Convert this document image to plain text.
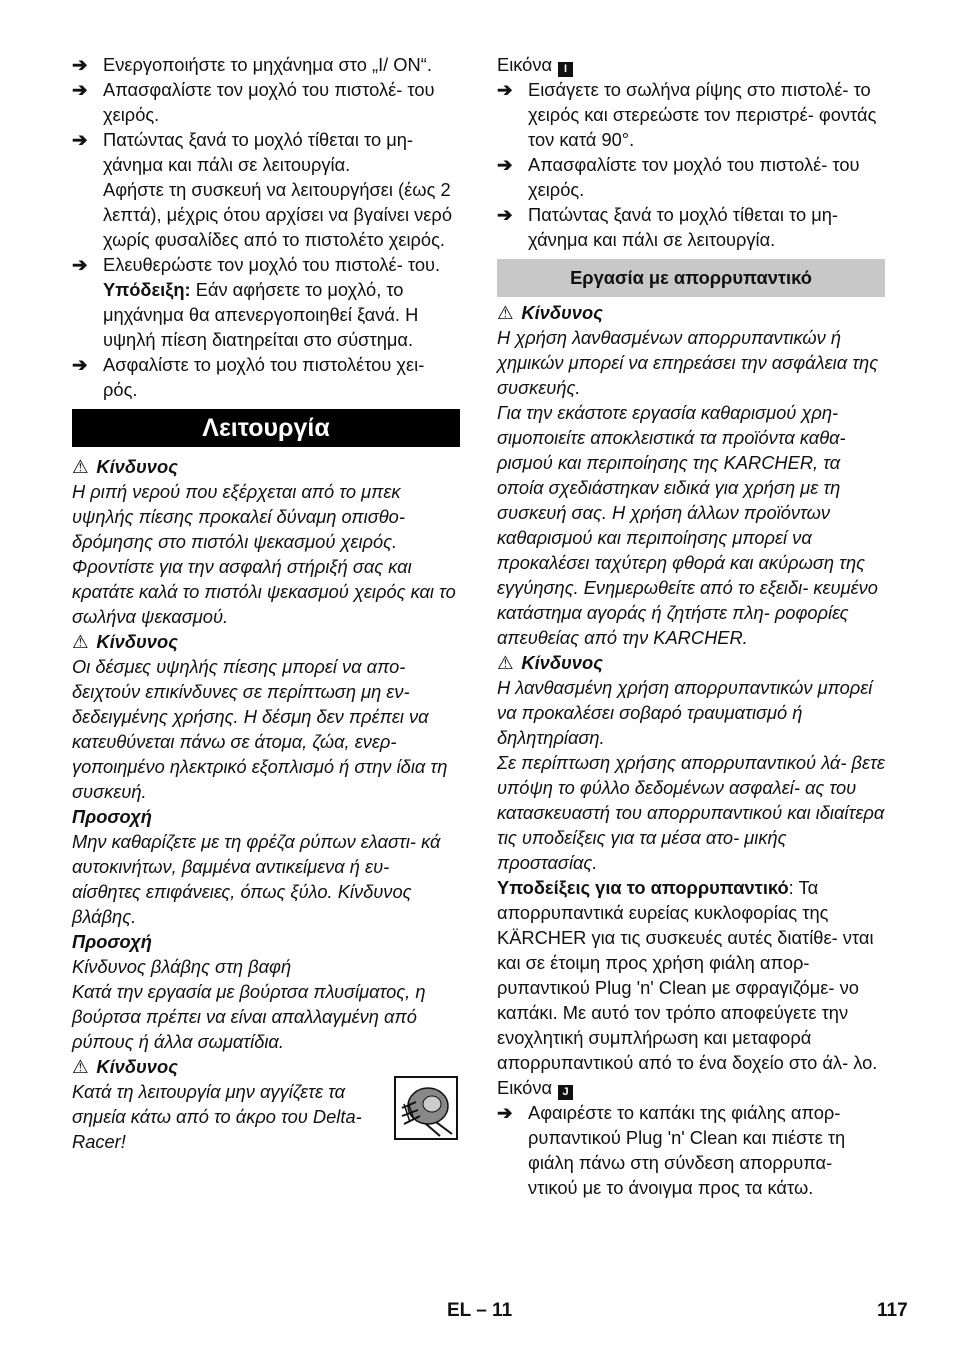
➔ Ενεργοποιήστε το μηχάνημα στο „I/ ON“.
➔ Απασφαλίστε τον μοχλό του πιστολέ- του χειρός.
➔ Πατώντας ξανά το μοχλό τίθεται το μη- χάνημα και πάλι σε λειτουργία.
Αφήστε τη συσκευή να λειτουργήσει (έως 2 λεπτά), μέχρις ότου αρχίσει να βγαίνει νερό χωρίς φυσαλίδες από το πιστολέτο χειρός.
➔ Ελευθερώστε τον μοχλό του πιστολέ- του.
Υπόδειξη: Εάν αφήσετε το μοχλό, το μηχάνημα θα απενεργοποιηθεί ξανά. Η υψηλή πίεση διατηρείται στο σύστημα.
➔ Ασφαλίστε το μοχλό του πιστολέτου χει- ρός.
Λειτουργία
⚠ Κίνδυνος
Η ριπή νερού που εξέρχεται από το μπεκ υψηλής πίεσης προκαλεί δύναμη οπισθο- δρόμησης στο πιστόλι ψεκασμού χειρός. Φροντίστε για την ασφαλή στήριξή σας και κρατάτε καλά το πιστόλι ψεκασμού χειρός και το σωλήνα ψεκασμού.
⚠ Κίνδυνος
Οι δέσμες υψηλής πίεσης μπορεί να απο- δειχτούν επικίνδυνες σε περίπτωση μη εν- δεδειγμένης χρήσης. Η δέσμη δεν πρέπει να κατευθύνεται πάνω σε άτομα, ζώα, ενερ- γοποιημένο ηλεκτρικό εξοπλισμό ή στην ίδια τη συσκευή.
Προσοχή
Μην καθαρίζετε με τη φρέζα ρύπων ελαστι- κά αυτοκινήτων, βαμμένα αντικείμενα ή ευ- αίσθητες επιφάνειες, όπως ξύλο. Κίνδυνος βλάβης.
Προσοχή
Κίνδυνος βλάβης στη βαφή
Κατά την εργασία με βούρτσα πλυσίματος, η βούρτσα πρέπει να είναι απαλλαγμένη από ρύπους ή άλλα σωματίδια.
⚠ Κίνδυνος
Κατά τη λειτουργία μην αγγίζετε τα σημεία κάτω από το άκρο του Delta-Racer!
Εικόνα I
➔ Εισάγετε το σωλήνα ρίψης στο πιστολέ- το χειρός και στερεώστε τον περιστρέ- φοντάς τον κατά 90°.
➔ Απασφαλίστε τον μοχλό του πιστολέ- του χειρός.
➔ Πατώντας ξανά το μοχλό τίθεται το μη- χάνημα και πάλι σε λειτουργία.
Εργασία με απορρυπαντικό
⚠ Κίνδυνος
Η χρήση λανθασμένων απορρυπαντικών ή χημικών μπορεί να επηρεάσει την ασφάλεια της συσκευής.
Για την εκάστοτε εργασία καθαρισμού χρη- σιμοποιείτε αποκλειστικά τα προϊόντα καθα- ρισμού και περιποίησης της KARCHER, τα οποία σχεδιάστηκαν ειδικά για χρήση με τη συσκευή σας. Η χρήση άλλων προϊόντων καθαρισμού και περιποίησης μπορεί να προκαλέσει ταχύτερη φθορά και ακύρωση της εγγύησης. Ενημερωθείτε από το εξειδι- κευμένο κατάστημα αγοράς ή ζητήστε πλη- ροφορίες απευθείας από την KARCHER.
⚠ Κίνδυνος
Η λανθασμένη χρήση απορρυπαντικών μπορεί να προκαλέσει σοβαρό τραυματισμό ή δηλητηρίαση.
Σε περίπτωση χρήσης απορρυπαντικού λά- βετε υπόψη το φύλλο δεδομένων ασφαλεί- ας του κατασκευαστή του απορρυπαντικού και ιδιαίτερα τις υποδείξεις για τα μέσα ατο- μικής προστασίας.
Υποδείξεις για το απορρυπαντικό: Τα απορρυπαντικά ευρείας κυκλοφορίας της KÄRCHER για τις συσκευές αυτές διατίθε- νται και σε έτοιμη προς χρήση φιάλη απορ- ρυπαντικού Plug 'n' Clean με σφραγιζόμε- νο καπάκι. Με αυτό τον τρόπο αποφεύγετε την ενοχλητική συμπλήρωση και μεταφορά απορρυπαντικού από το ένα δοχείο στο άλ- λο.
Εικόνα J
➔ Αφαιρέστε το καπάκι της φιάλης απορ- ρυπαντικού Plug 'n' Clean και πιέστε τη φιάλη πάνω στη σύνδεση απορρυπα- ντικού με το άνοιγμα προς τα κάτω.
EL – 11	117
